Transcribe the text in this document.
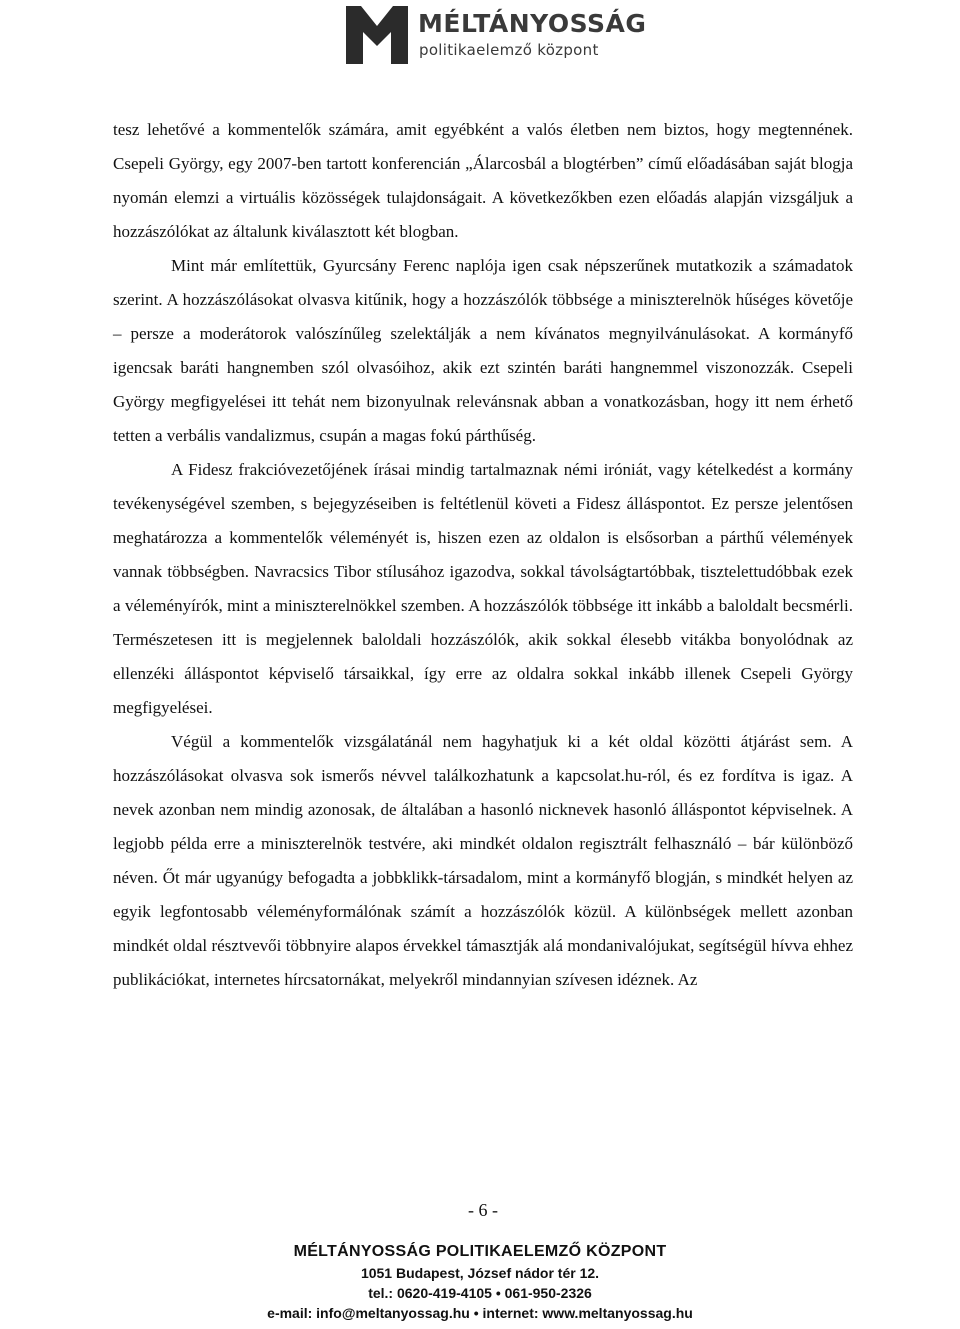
MÉLTÁNYOSSÁG
politikaelemző központ

tesz lehetővé a kommentelők számára, amit egyébként a valós életben nem biztos, hogy megtennének. Csepeli György, egy 2007-ben tartott konferencián „Álarcosbál a blogtérben” című előadásában saját blogja nyomán elemzi a virtuális közösségek tulajdonságait. A következőkben ezen előadás alapján vizsgáljuk a hozzászólókat az általunk kiválasztott két blogban.

Mint már említettük, Gyurcsány Ferenc naplója igen csak népszerűnek mutatkozik a számadatok szerint. A hozzászólásokat olvasva kitűnik, hogy a hozzászólók többsége a miniszterelnök hűséges követője – persze a moderátorok valószínűleg szelektálják a nem kívánatos megnyilvánulásokat. A kormányfő igencsak baráti hangnemben szól olvasóihoz, akik ezt szintén baráti hangnemmel viszonozzák. Csepeli György megfigyelései itt tehát nem bizonyulnak relevánsnak abban a vonatkozásban, hogy itt nem érhető tetten a verbális vandalizmus, csupán a magas fokú párthűség.

A Fidesz frakcióvezetőjének írásai mindig tartalmaznak némi iróniát, vagy kételkedést a kormány tevékenységével szemben, s bejegyzéseiben is feltétlenül követi a Fidesz álláspontot. Ez persze jelentősen meghatározza a kommentelők véleményét is, hiszen ezen az oldalon is elsősorban a párthű vélemények vannak többségben. Navracsics Tibor stílusához igazodva, sokkal távolságtartóbbak, tisztelettudóbbak ezek a véleményírók, mint a miniszterelnökkel szemben. A hozzászólók többsége itt inkább a baloldalt becsmérli. Természetesen itt is megjelennek baloldali hozzászólók, akik sokkal élesebb vitákba bonyolódnak az ellenzéki álláspontot képviselő társaikkal, így erre az oldalra sokkal inkább illenek Csepeli György megfigyelései.

Végül a kommentelők vizsgálatánál nem hagyhatjuk ki a két oldal közötti átjárást sem. A hozzászólásokat olvasva sok ismerős névvel találkozhatunk a kapcsolat.hu-ról, és ez fordítva is igaz. A nevek azonban nem mindig azonosak, de általában a hasonló nicknevek hasonló álláspontot képviselnek. A legjobb példa erre a miniszterelnök testvére, aki mindkét oldalon regisztrált felhasználó – bár különböző néven. Őt már ugyanúgy befogadta a jobbklikk-társadalom, mint a kormányfő blogján, s mindkét helyen az egyik legfontosabb véleményformálónak számít a hozzászólók közül. A különbségek mellett azonban mindkét oldal résztvevői többnyire alapos érvekkel támasztják alá mondanivalójukat, segítségül hívva ehhez publikációkat, internetes hírcsatornákat, melyekről mindannyian szívesen idéznek. Az

- 6 -
MÉLTÁNYOSSÁG POLITIKAELEMZŐ KÖZPONT
1051 Budapest, József nádor tér 12.
tel.: 0620-419-4105 • 061-950-2326
e-mail: info@meltanyossag.hu • internet: www.meltanyossag.hu
